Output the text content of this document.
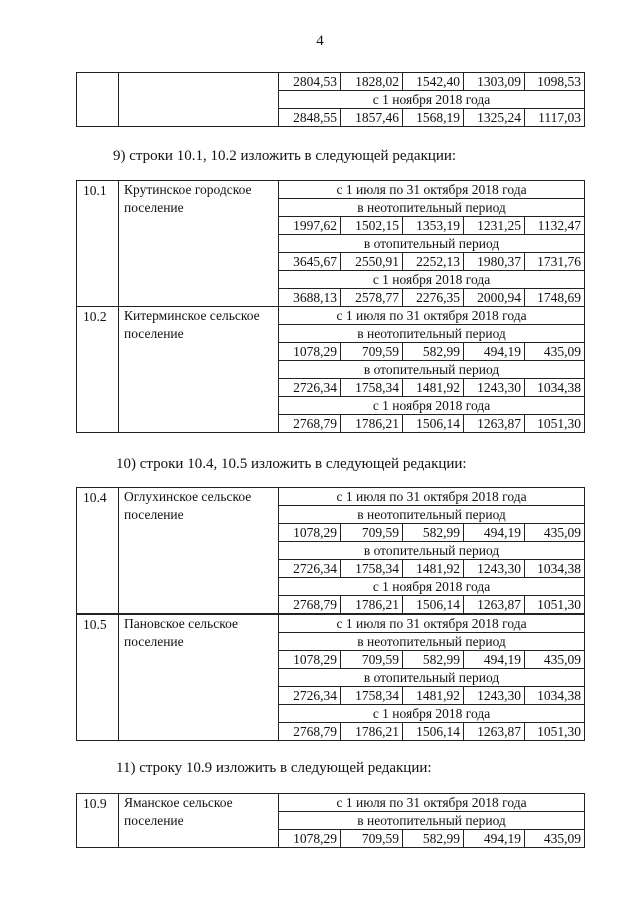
4
		2804,53	1828,02	1542,40	1303,09	1098,53
		с 1 ноября 2018 года				
		2848,55	1857,46	1568,19	1325,24	1117,03
9) строки 10.1, 10.2 изложить в следующей редакции:
10.1	Крутинское городское поселение	с 1 июля по 31 октября 2018 года				
		в неотопительный период				
		1997,62	1502,15	1353,19	1231,25	1132,47
		в отопительный период				
		3645,67	2550,91	2252,13	1980,37	1731,76
		с 1 ноября 2018 года				
		3688,13	2578,77	2276,35	2000,94	1748,69
10.2	Китерминское сельское поселение	с 1 июля по 31 октября 2018 года				
		в неотопительный период				
		1078,29	709,59	582,99	494,19	435,09
		в отопительный период				
		2726,34	1758,34	1481,92	1243,30	1034,38
		с 1 ноября 2018 года				
		2768,79	1786,21	1506,14	1263,87	1051,30
10) строки 10.4, 10.5 изложить в следующей редакции:
10.4	Оглухинское сельское поселение	с 1 июля по 31 октября 2018 года				
		в неотопительный период				
		1078,29	709,59	582,99	494,19	435,09
		в отопительный период				
		2726,34	1758,34	1481,92	1243,30	1034,38
		с 1 ноября 2018 года				
		2768,79	1786,21	1506,14	1263,87	1051,30
10.5	Пановское сельское поселение	с 1 июля по 31 октября 2018 года				
		в неотопительный период				
		1078,29	709,59	582,99	494,19	435,09
		в отопительный период				
		2726,34	1758,34	1481,92	1243,30	1034,38
		с 1 ноября 2018 года				
		2768,79	1786,21	1506,14	1263,87	1051,30
11) строку 10.9 изложить в следующей редакции:
10.9	Яманское сельское поселение	с 1 июля по 31 октября 2018 года				
		в неотопительный период				
		1078,29	709,59	582,99	494,19	435,09
